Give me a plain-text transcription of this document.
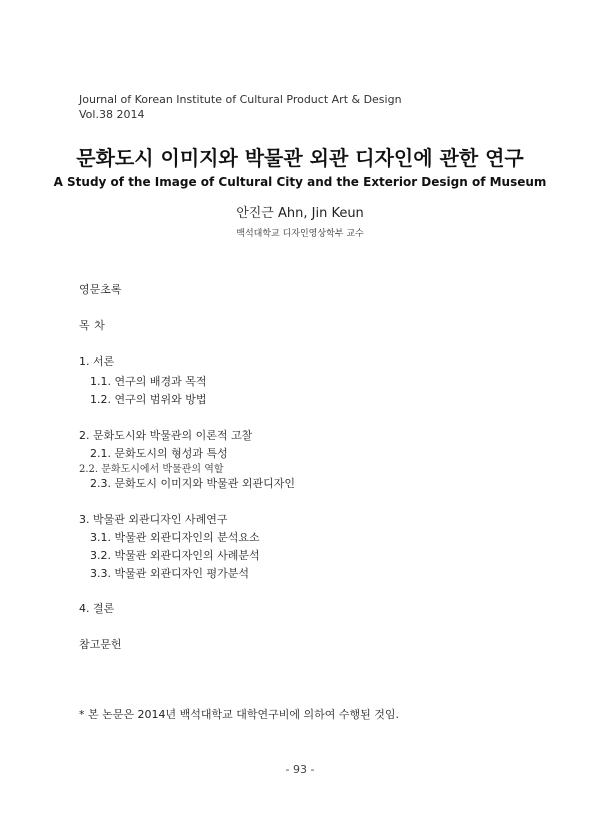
Journal of Korean Institute of Cultural Product Art & Design
Vol.38 2014
문화도시 이미지와 박물관 외관 디자인에 관한 연구
A Study of the Image of Cultural City and the Exterior Design of Museum
안진근 Ahn, Jin Keun
백석대학교 디자인영상학부 교수
영문초록
목 차
1. 서론
1.1. 연구의 배경과 목적
1.2. 연구의 범위와 방법
2. 문화도시와 박물관의 이론적 고찰
2.1. 문화도시의 형성과 특성
2.2. 문화도시에서 박물관의 역할
2.3. 문화도시 이미지와 박물관 외관디자인
3. 박물관 외관디자인 사례연구
3.1. 박물관 외관디자인의 분석요소
3.2. 박물관 외관디자인의 사례분석
3.3. 박물관 외관디자인 평가분석
4. 결론
참고문헌
* 본 논문은 2014년 백석대학교 대학연구비에 의하여 수행된 것임.
- 93 -
